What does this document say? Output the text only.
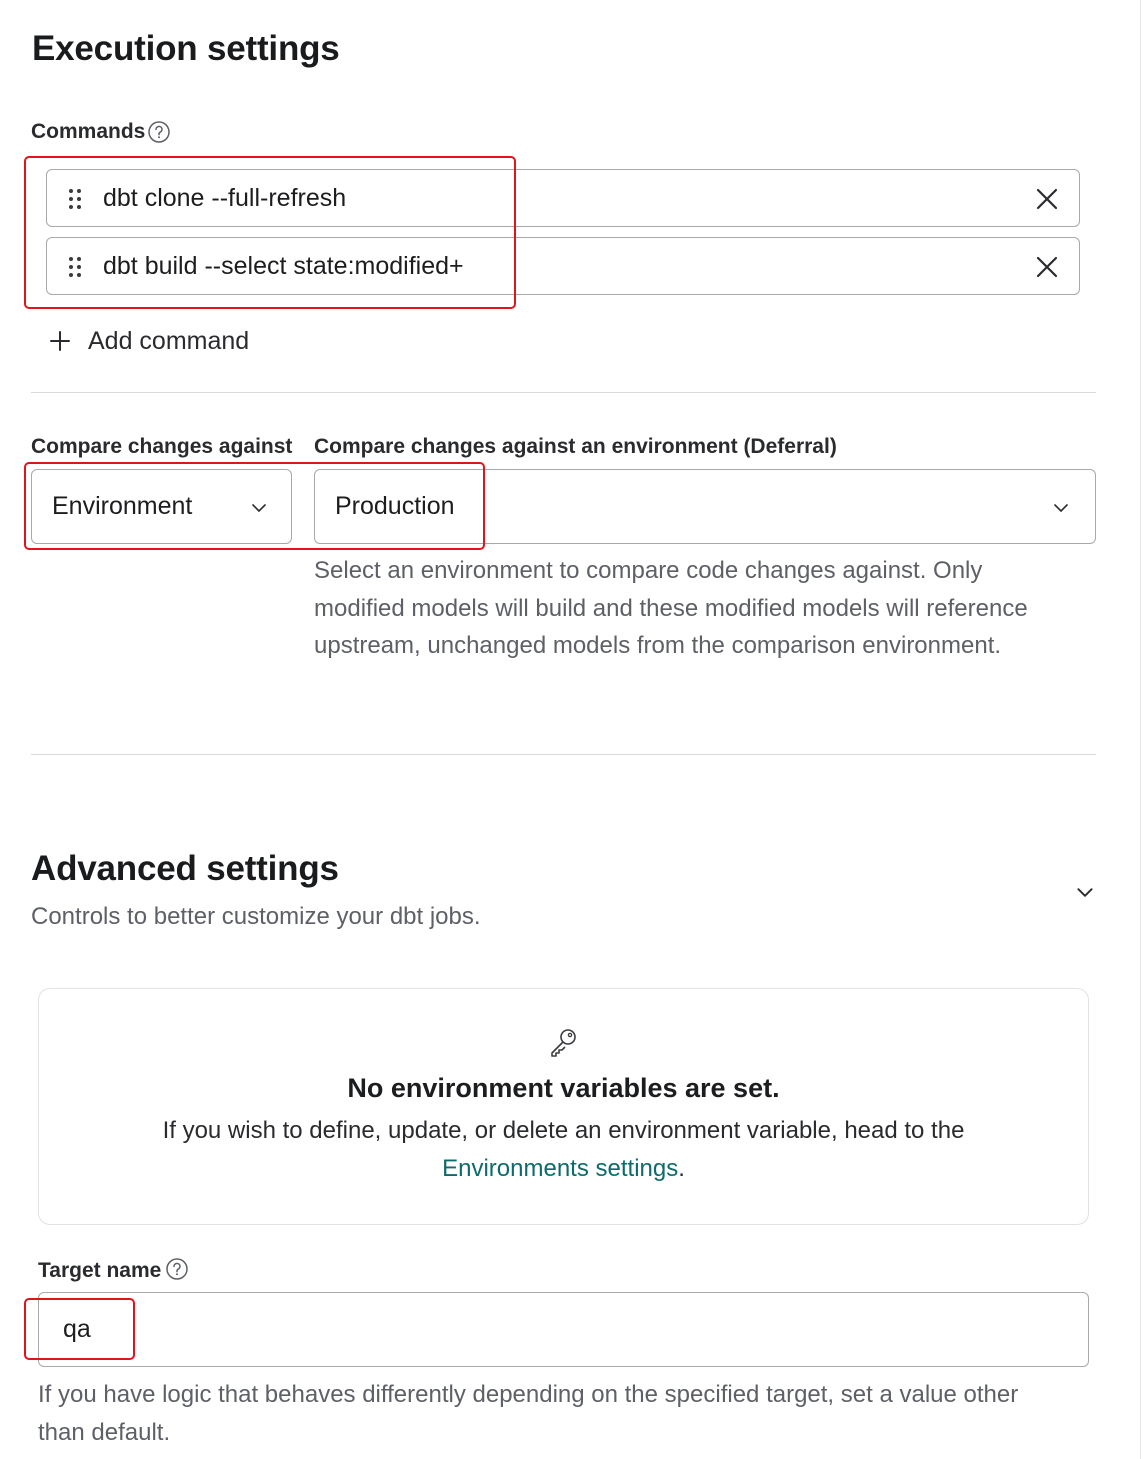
Execution settings
Commands
dbt clone --full-refresh
dbt build --select state:modified+
Add command
Compare changes against Compare changes against an environment (Deferral)
Environment	Production
Select an environment to compare code changes against. Only
modified models will build and these modified models will reference
upstream, unchanged models from the comparison environment.
Advanced settings
Controls to better customize your dbt jobs.
No environment variables are set.
If you wish to define, update, or delete an environment variable, head to the
Environments settings.
Target name
qa
If you have logic that behaves differently depending on the specified target, set a value other
than default.
